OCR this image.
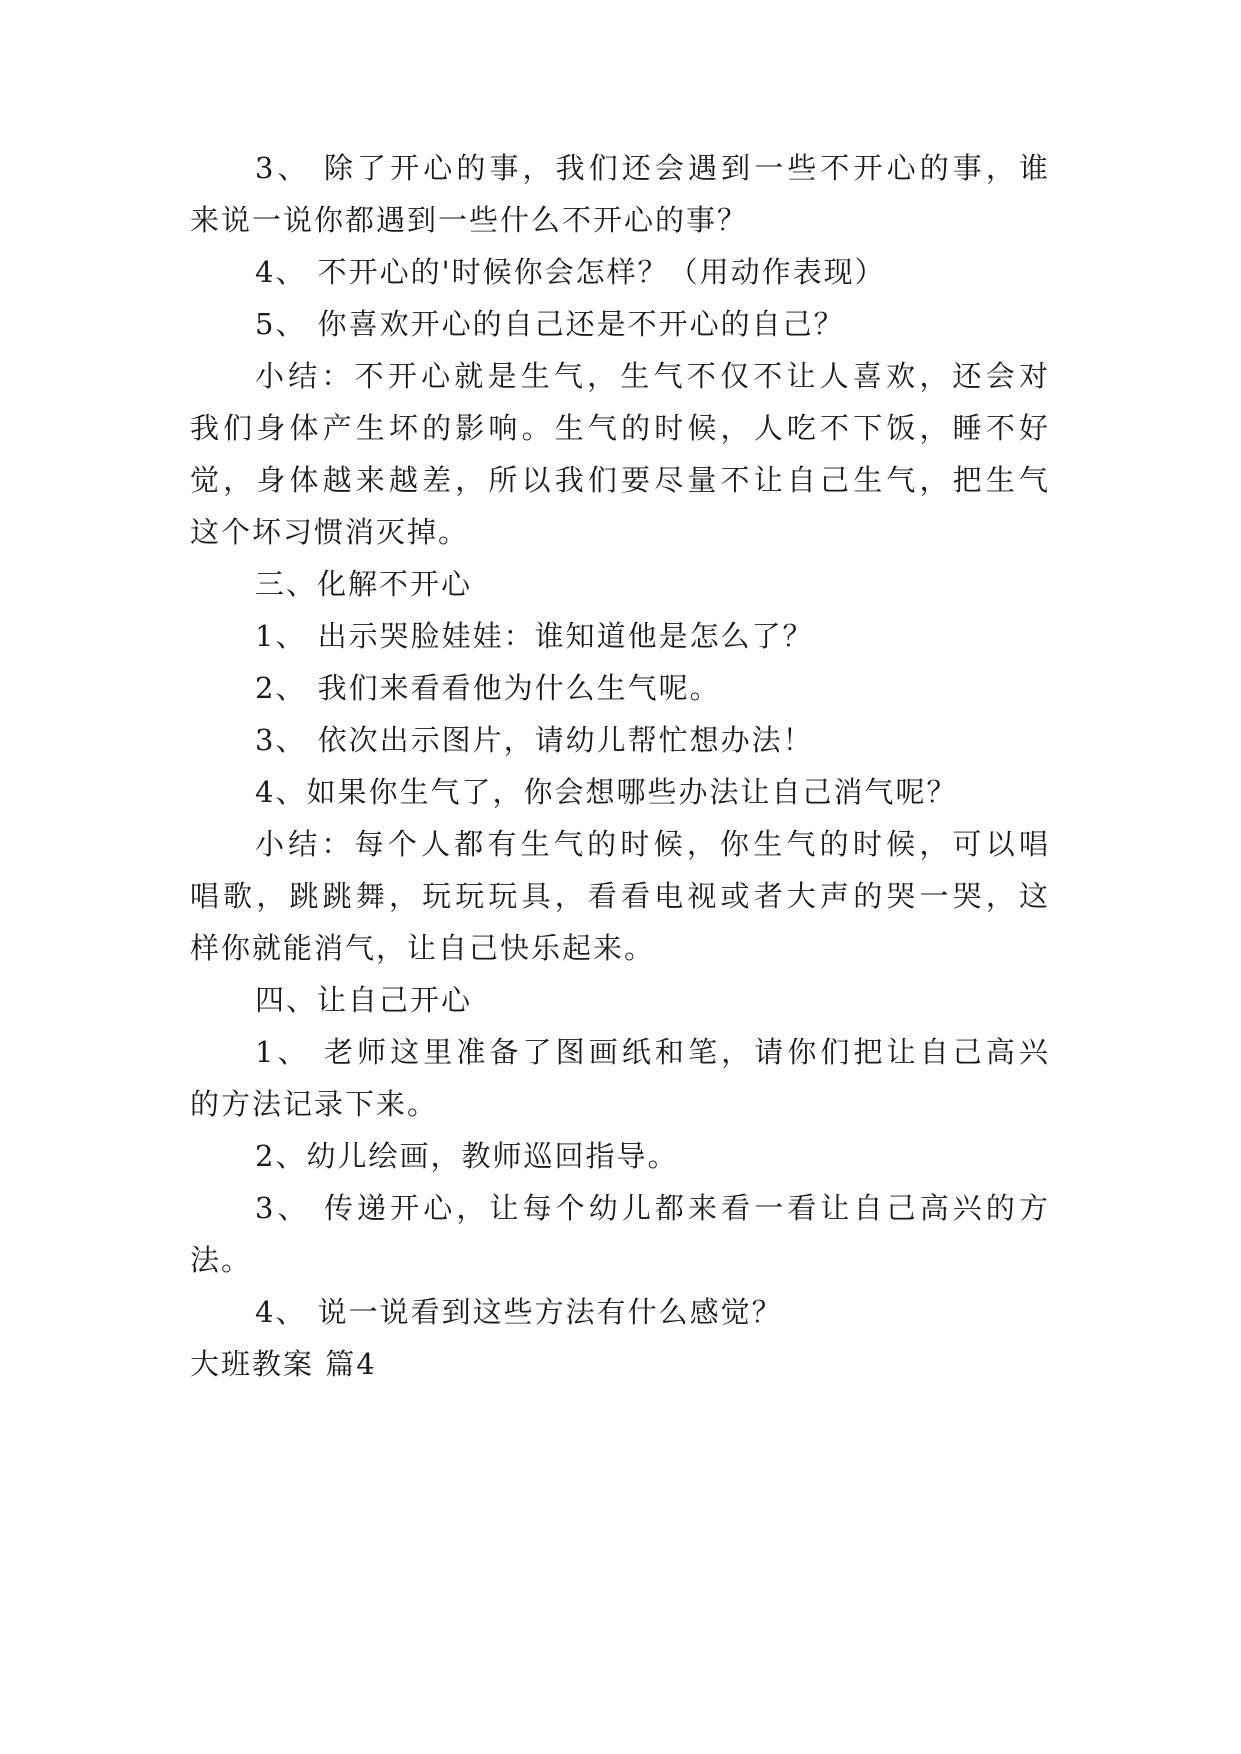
3、 除了开心的事，我们还会遇到一些不开心的事，谁
来说一说你都遇到一些什么不开心的事？
4、 不开心的'时候你会怎样？（用动作表现）
5、 你喜欢开心的自己还是不开心的自己？
小结：不开心就是生气，生气不仅不让人喜欢，还会对
我们身体产生坏的影响。生气的时候，人吃不下饭，睡不好
觉，身体越来越差，所以我们要尽量不让自己生气，把生气
这个坏习惯消灭掉。
三、化解不开心
1、 出示哭脸娃娃：谁知道他是怎么了？
2、 我们来看看他为什么生气呢。
3、 依次出示图片，请幼儿帮忙想办法！
4、如果你生气了，你会想哪些办法让自己消气呢？
小结：每个人都有生气的时候，你生气的时候，可以唱
唱歌，跳跳舞，玩玩玩具，看看电视或者大声的哭一哭，这
样你就能消气，让自己快乐起来。
四、让自己开心
1、 老师这里准备了图画纸和笔，请你们把让自己高兴
的方法记录下来。
2、幼儿绘画，教师巡回指导。
3、 传递开心，让每个幼儿都来看一看让自己高兴的方
法。
4、 说一说看到这些方法有什么感觉？
大班教案 篇4
